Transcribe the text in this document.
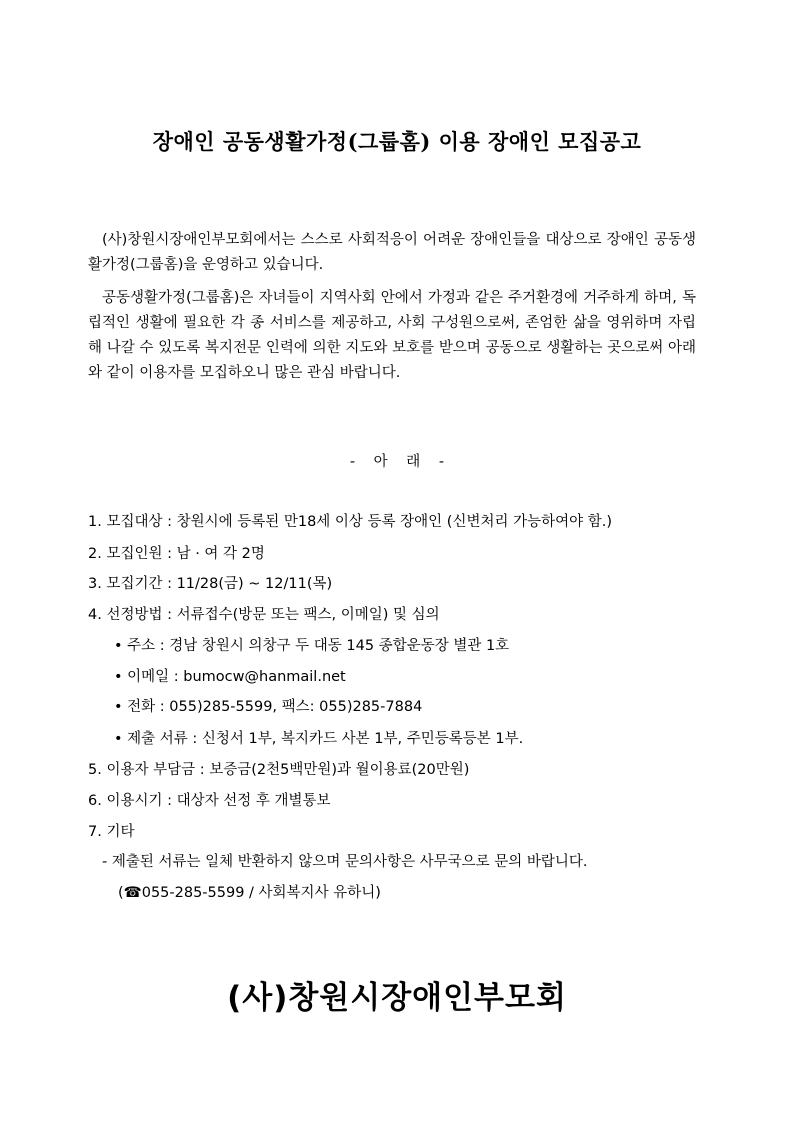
장애인 공동생활가정(그룹홈) 이용 장애인 모집공고

(사)창원시장애인부모회에서는 스스로 사회적응이 어려운 장애인들을 대상으로 장애인 공동생활가정(그룹홈)을 운영하고 있습니다.

공동생활가정(그룹홈)은 자녀들이 지역사회 안에서 가정과 같은 주거환경에 거주하게 하며, 독립적인 생활에 필요한 각 종 서비스를 제공하고, 사회 구성원으로써, 존엄한 삶을 영위하며 자립 해 나갈 수 있도록 복지전문 인력에 의한 지도와 보호를 받으며 공동으로 생활하는 곳으로써 아래와 같이 이용자를 모집하오니 많은 관심 바랍니다.

- 아 래 -
1. 모집대상 : 창원시에 등록된 만18세 이상 등록 장애인 (신변처리 가능하여야 함.)
2. 모집인원 : 남 · 여 각 2명
3. 모집기간 : 11/28(금) ~ 12/11(목)
4. 선정방법 : 서류접수(방문 또는 팩스, 이메일) 및 심의
• 주소 : 경남 창원시 의창구 두 대동 145 종합운동장 별관 1호
• 이메일 : bumocw@hanmail.net
• 전화 : 055)285-5599, 팩스: 055)285-7884
• 제출 서류 : 신청서 1부, 복지카드 사본 1부, 주민등록등본 1부.
5. 이용자 부담금 : 보증금(2천5백만원)과 월이용료(20만원)
6. 이용시기 : 대상자 선정 후 개별통보
7. 기타
- 제출된 서류는 일체 반환하지 않으며 문의사항은 사무국으로 문의 바랍니다.
(☎055-285-5599 / 사회복지사 유하니)
(사)창원시장애인부모회
